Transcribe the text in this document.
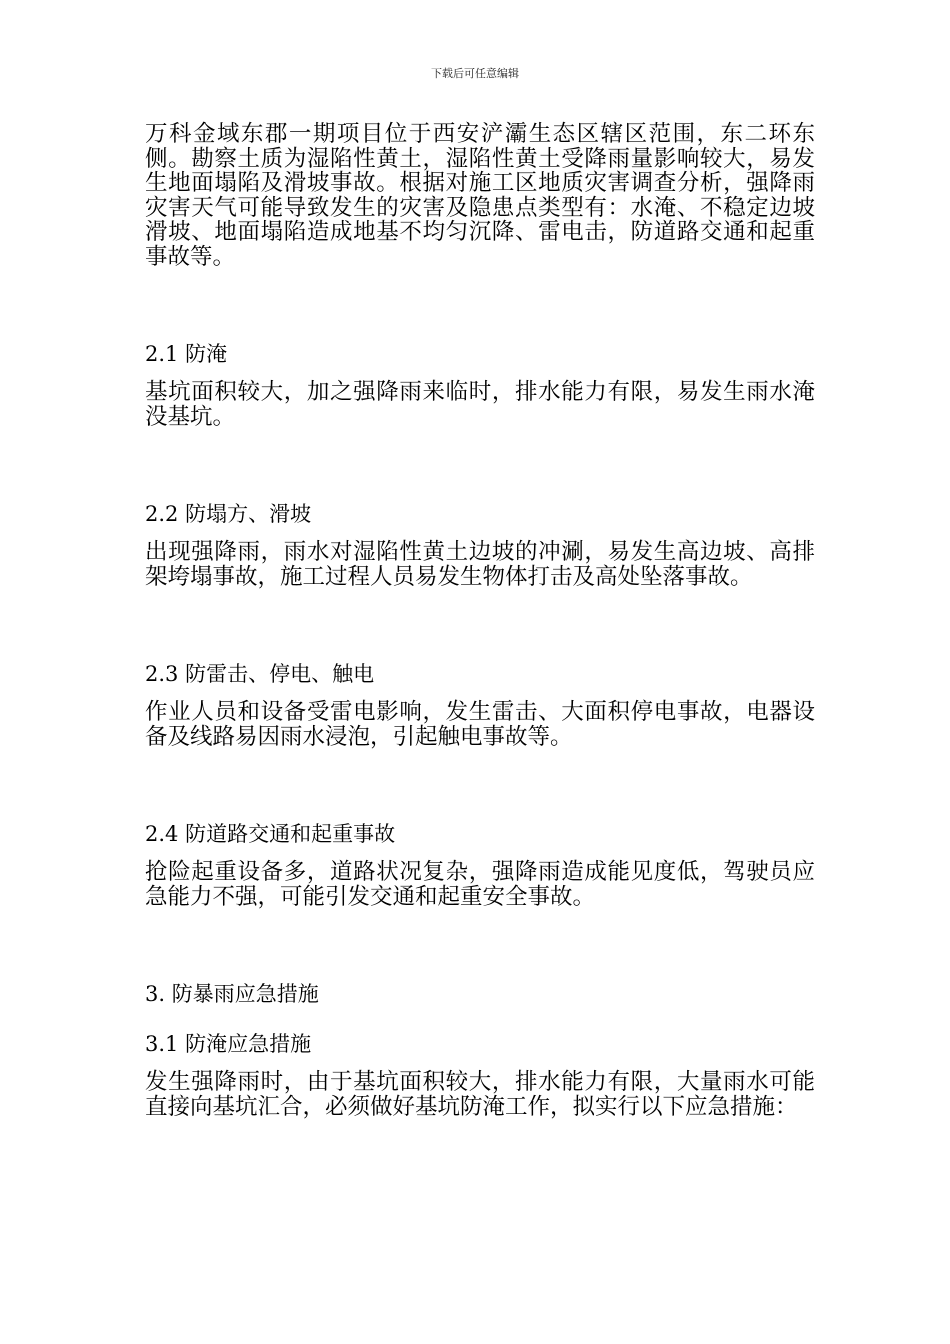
下载后可任意编辑

万科金域东郡一期项目位于西安浐灞生态区辖区范围，东二环东侧。勘察土质为湿陷性黄土，湿陷性黄土受降雨量影响较大，易发生地面塌陷及滑坡事故。根据对施工区地质灾害调查分析，强降雨灾害天气可能导致发生的灾害及隐患点类型有：水淹、不稳定边坡滑坡、地面塌陷造成地基不均匀沉降、雷电击，防道路交通和起重事故等。

2.1 防淹

基坑面积较大，加之强降雨来临时，排水能力有限，易发生雨水淹没基坑。

2.2 防塌方、滑坡

出现强降雨，雨水对湿陷性黄土边坡的冲涮，易发生高边坡、高排架垮塌事故，施工过程人员易发生物体打击及高处坠落事故。

2.3 防雷击、停电、触电

作业人员和设备受雷电影响，发生雷击、大面积停电事故，电器设备及线路易因雨水浸泡，引起触电事故等。

2.4 防道路交通和起重事故

抢险起重设备多，道路状况复杂，强降雨造成能见度低，驾驶员应急能力不强，可能引发交通和起重安全事故。

3. 防暴雨应急措施

3.1 防淹应急措施

发生强降雨时，由于基坑面积较大，排水能力有限，大量雨水可能直接向基坑汇合，必须做好基坑防淹工作，拟实行以下应急措施：
